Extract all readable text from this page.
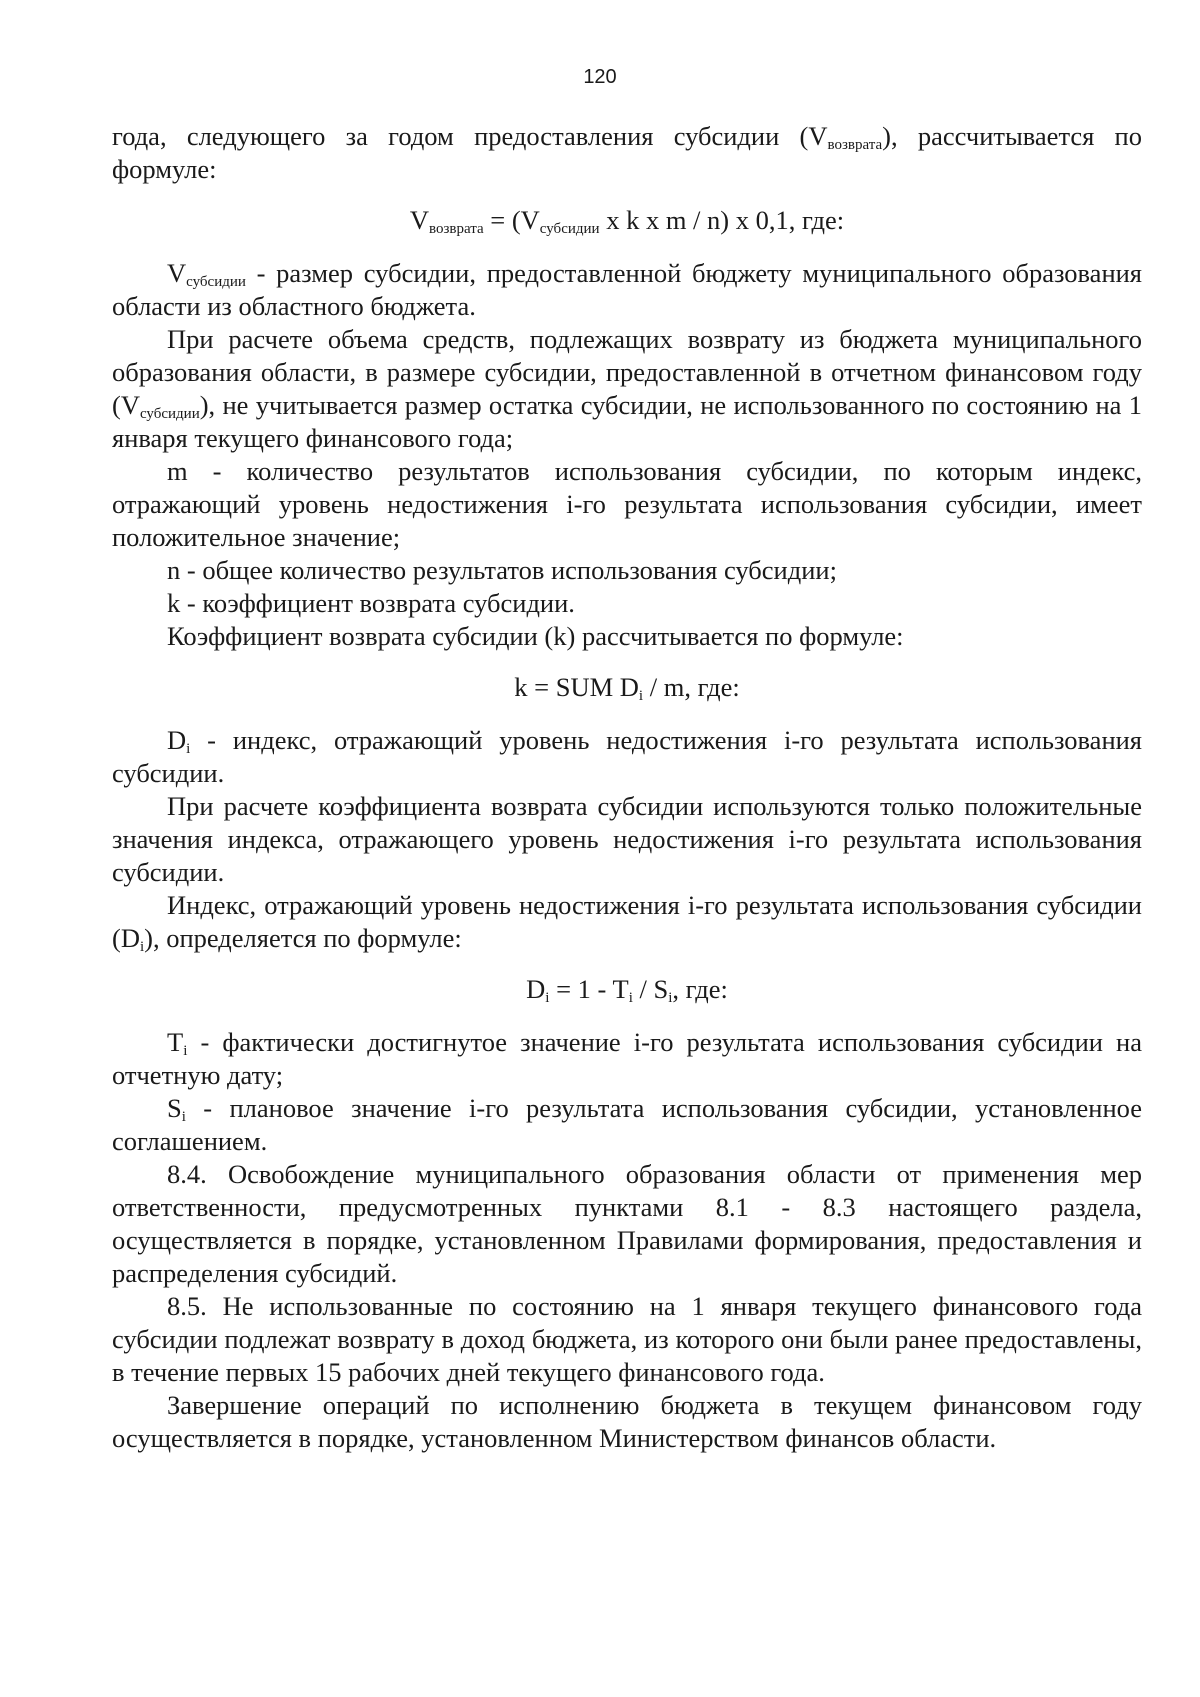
120

года, следующего за годом предоставления субсидии $(V_{возврата})$, рассчитывается по формуле:

$V_{возврата} = (V_{субсидии}$ x k x m / n) x 0,1, где:

$V_{субсидии}$ - размер субсидии, предоставленной бюджету муниципального образования области из областного бюджета.

При расчете объема средств, подлежащих возврату из бюджета муниципального образования области, в размере субсидии, предоставленной в отчетном финансовом году $(V_{субсидии})$, не учитывается размер остатка субсидии, не использованного по состоянию на 1 января текущего финансового года;

m - количество результатов использования субсидии, по которым индекс, отражающий уровень недостижения i-го результата использования субсидии, имеет положительное значение;

n - общее количество результатов использования субсидии;

k - коэффициент возврата субсидии.

Коэффициент возврата субсидии (k) рассчитывается по формуле:

k = SUM $D_i$ / m, где:

$D_i$ - индекс, отражающий уровень недостижения i-го результата использования субсидии.

При расчете коэффициента возврата субсидии используются только положительные значения индекса, отражающего уровень недостижения i-го результата использования субсидии.

Индекс, отражающий уровень недостижения i-го результата использования субсидии $(D_i)$, определяется по формуле:

$D_i = 1 - T_i / S_i$, где:

$T_i$ - фактически достигнутое значение i-го результата использования субсидии на отчетную дату;

$S_i$ - плановое значение i-го результата использования субсидии, установленное соглашением.

8.4. Освобождение муниципального образования области от применения мер ответственности, предусмотренных пунктами 8.1 - 8.3 настоящего раздела, осуществляется в порядке, установленном Правилами формирования, предоставления и распределения субсидий.

8.5. Не использованные по состоянию на 1 января текущего финансового года субсидии подлежат возврату в доход бюджета, из которого они были ранее предоставлены, в течение первых 15 рабочих дней текущего финансового года.

Завершение операций по исполнению бюджета в текущем финансовом году осуществляется в порядке, установленном Министерством финансов области.
